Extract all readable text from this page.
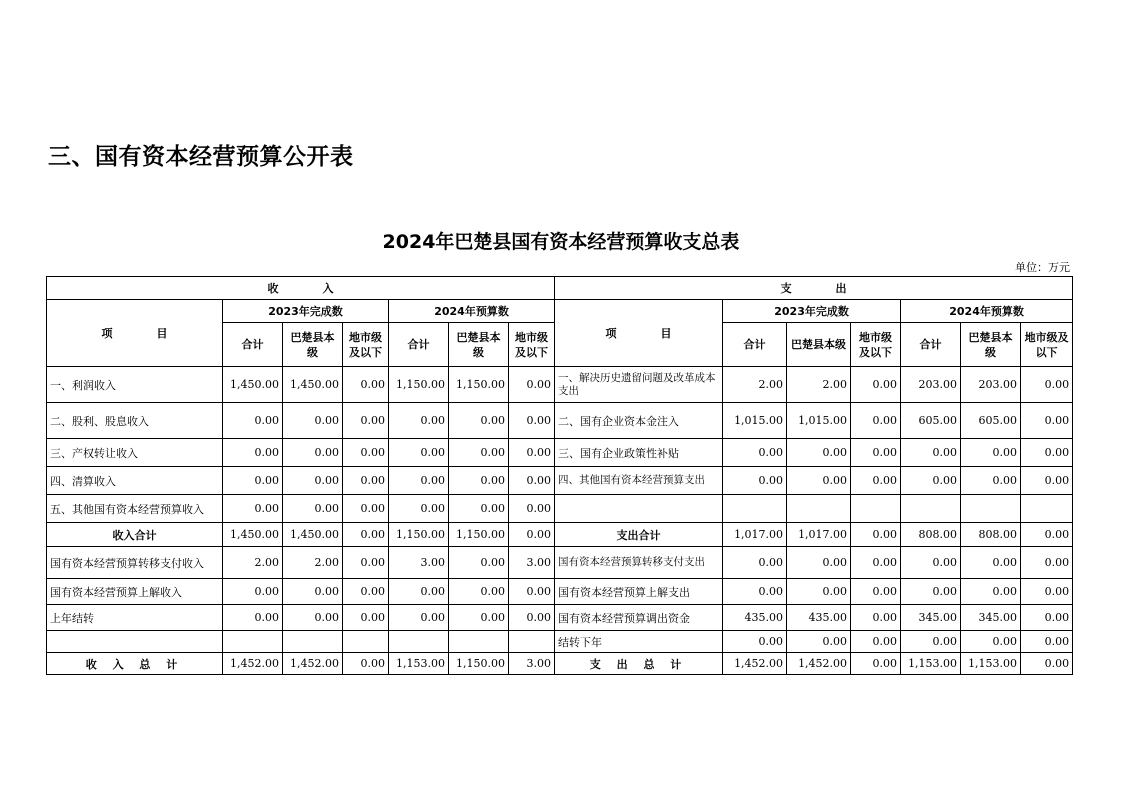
三、国有资本经营预算公开表
2024年巴楚县国有资本经营预算收支总表
单位：万元
收　　　　入							支　　　　出						
项　　　　目	2023年完成数			2024年预算数			项　　　　目	2023年完成数			2024年预算数		
	合计	巴楚县本级	地市级及以下	合计	巴楚县本级	地市级及以下		合计	巴楚县本级	地市级及以下	合计	巴楚县本级	地市级及以下
一、利润收入	1,450.00	1,450.00	0.00	1,150.00	1,150.00	0.00	一、解决历史遗留问题及改革成本支出	2.00	2.00	0.00	203.00	203.00	0.00
二、股利、股息收入	0.00	0.00	0.00	0.00	0.00	0.00	二、国有企业资本金注入	1,015.00	1,015.00	0.00	605.00	605.00	0.00
三、产权转让收入	0.00	0.00	0.00	0.00	0.00	0.00	三、国有企业政策性补贴	0.00	0.00	0.00	0.00	0.00	0.00
四、清算收入	0.00	0.00	0.00	0.00	0.00	0.00	四、其他国有资本经营预算支出	0.00	0.00	0.00	0.00	0.00	0.00
五、其他国有资本经营预算收入	0.00	0.00	0.00	0.00	0.00	0.00							
收入合计	1,450.00	1,450.00	0.00	1,150.00	1,150.00	0.00	支出合计	1,017.00	1,017.00	0.00	808.00	808.00	0.00
国有资本经营预算转移支付收入	2.00	2.00	0.00	3.00	0.00	3.00	国有资本经营预算转移支付支出	0.00	0.00	0.00	0.00	0.00	0.00
国有资本经营预算上解收入	0.00	0.00	0.00	0.00	0.00	0.00	国有资本经营预算上解支出	0.00	0.00	0.00	0.00	0.00	0.00
上年结转	0.00	0.00	0.00	0.00	0.00	0.00	国有资本经营预算调出资金	435.00	435.00	0.00	345.00	345.00	0.00
							结转下年	0.00	0.00	0.00	0.00	0.00	0.00
收 入 总 计	1,452.00	1,452.00	0.00	1,153.00	1,150.00	3.00	支 出 总 计	1,452.00	1,452.00	0.00	1,153.00	1,153.00	0.00
